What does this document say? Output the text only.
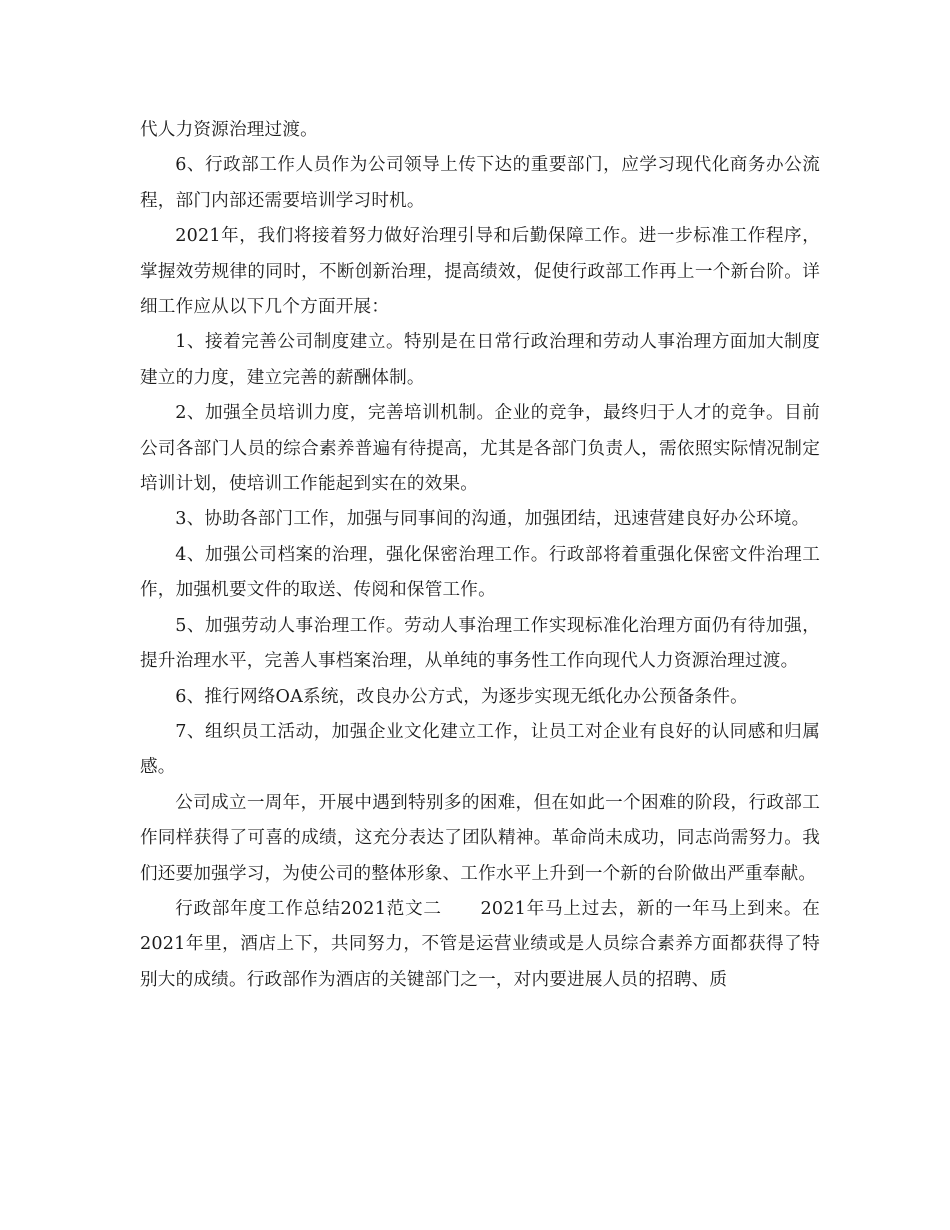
代人力资源治理过渡。

6、行政部工作人员作为公司领导上传下达的重要部门，应学习现代化商务办公流程，部门内部还需要培训学习时机。

2021年，我们将接着努力做好治理引导和后勤保障工作。进一步标准工作程序，掌握效劳规律的同时，不断创新治理，提高绩效，促使行政部工作再上一个新台阶。详细工作应从以下几个方面开展：

1、接着完善公司制度建立。特别是在日常行政治理和劳动人事治理方面加大制度建立的力度，建立完善的薪酬体制。

2、加强全员培训力度，完善培训机制。企业的竞争，最终归于人才的竞争。目前公司各部门人员的综合素养普遍有待提高，尤其是各部门负责人，需依照实际情况制定培训计划，使培训工作能起到实在的效果。

3、协助各部门工作，加强与同事间的沟通，加强团结，迅速营建良好办公环境。

4、加强公司档案的治理，强化保密治理工作。行政部将着重强化保密文件治理工作，加强机要文件的取送、传阅和保管工作。

5、加强劳动人事治理工作。劳动人事治理工作实现标准化治理方面仍有待加强，提升治理水平，完善人事档案治理，从单纯的事务性工作向现代人力资源治理过渡。

6、推行网络OA系统，改良办公方式，为逐步实现无纸化办公预备条件。

7、组织员工活动，加强企业文化建立工作，让员工对企业有良好的认同感和归属感。

公司成立一周年，开展中遇到特别多的困难，但在如此一个困难的阶段，行政部工作同样获得了可喜的成绩，这充分表达了团队精神。革命尚未成功，同志尚需努力。我们还要加强学习，为使公司的整体形象、工作水平上升到一个新的台阶做出严重奉献。

行政部年度工作总结2021范文二 2021年马上过去，新的一年马上到来。在2021年里，酒店上下，共同努力，不管是运营业绩或是人员综合素养方面都获得了特别大的成绩。行政部作为酒店的关键部门之一，对内要进展人员的招聘、质
